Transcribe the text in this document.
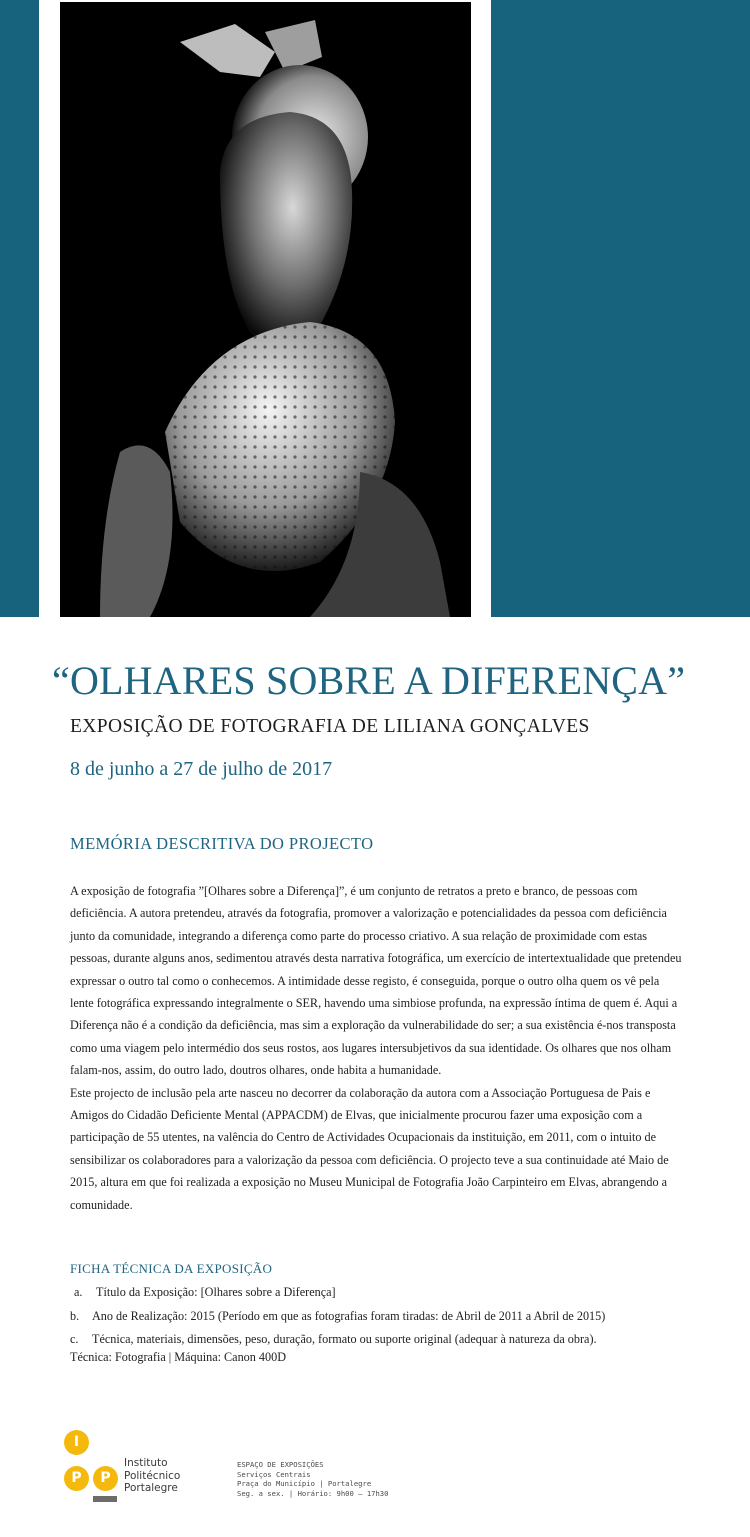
“OLHARES SOBRE A DIFERENÇA”
EXPOSIÇÃO DE FOTOGRAFIA DE LILIANA GONÇALVES
8 de junho a 27 de julho de 2017
MEMÓRIA DESCRITIVA DO PROJECTO

A exposição de fotografia ”[Olhares sobre a Diferença]”, é um conjunto de retratos a preto e branco, de pessoas com deficiência. A autora pretendeu, através da fotografia, promover a valorização e potencialidades da pessoa com deficiência junto da comunidade, integrando a diferença como parte do processo criativo. A sua relação de proximidade com estas pessoas, durante alguns anos, sedimentou através desta narrativa fotográfica, um exercício de intertextualidade que pretendeu expressar o outro tal como o conhecemos. A intimidade desse registo, é conseguida, porque o outro olha quem os vê pela lente fotográfica expressando integralmente o SER, havendo uma simbiose profunda, na expressão íntima de quem é. Aqui a Diferença não é a condição da deficiência, mas sim a exploração da vulnerabilidade do ser; a sua existência é-nos transposta como uma viagem pelo intermédio dos seus rostos, aos lugares intersubjetivos da sua identidade. Os olhares que nos olham falam-nos, assim, do outro lado, doutros olhares, onde habita a humanidade.

Este projecto de inclusão pela arte nasceu no decorrer da colaboração da autora com a Associação Portuguesa de Pais e Amigos do Cidadão Deficiente Mental (APPACDM) de Elvas, que inicialmente procurou fazer uma exposição com a participação de 55 utentes, na valência do Centro de Actividades Ocupacionais da instituição, em 2011, com o intuito de sensibilizar os colaboradores para a valorização da pessoa com deficiência. O projecto teve a sua continuidade até Maio de 2015, altura em que foi realizada a exposição no Museu Municipal de Fotografia João Carpinteiro em Elvas, abrangendo a comunidade.

FICHA TÉCNICA DA EXPOSIÇÃO
a. Título da Exposição: [Olhares sobre a Diferença]
b. Ano de Realização: 2015 (Período em que as fotografias foram tiradas: de Abril de 2011 a Abril de 2015)
c. Técnica, materiais, dimensões, peso, duração, formato ou suporte original (adequar à natureza da obra).
Técnica: Fotografia | Máquina: Canon 400D
I
P	P
Instituto
Politécnico
Portalegre
ESPAÇO DE EXPOSIÇÕES
Serviços Centrais
Praça do Município | Portalegre
Seg. a sex. | Horário: 9h00 – 17h30
